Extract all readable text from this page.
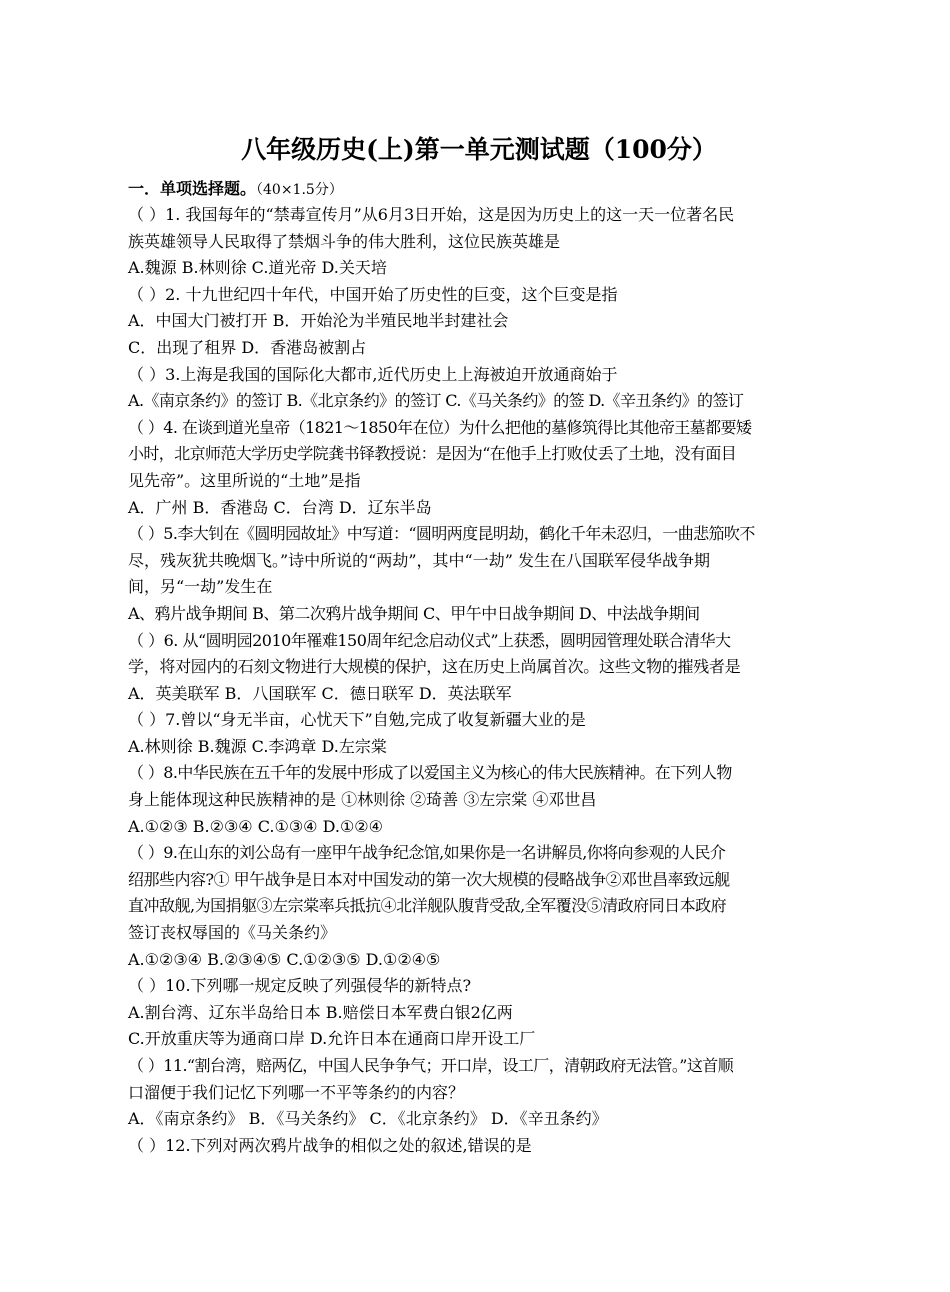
八年级历史(上)第一单元测试题（100分）
一．单项选择题。（40×1.5分）
（ ）1. 我国每年的“禁毒宣传月”从6月3日开始，这是因为历史上的这一天一位著名民
族英雄领导人民取得了禁烟斗争的伟大胜利，这位民族英雄是
A.魏源 B.林则徐 C.道光帝 D.关天培
（ ）2. 十九世纪四十年代，中国开始了历史性的巨变，这个巨变是指
A．中国大门被打开 B．开始沦为半殖民地半封建社会
C．出现了租界 D．香港岛被割占
（ ）3.上海是我国的国际化大都市,近代历史上上海被迫开放通商始于
A.《南京条约》的签订 B.《北京条约》的签订 C.《马关条约》的签 D.《辛丑条约》的签订
（ ）4. 在谈到道光皇帝（1821～1850年在位）为什么把他的墓修筑得比其他帝王墓都要矮
小时，北京师范大学历史学院龚书铎教授说：是因为“在他手上打败仗丢了土地，没有面目
见先帝”。这里所说的“土地”是指
A．广州 B．香港岛 C．台湾 D．辽东半岛
（ ）5.李大钊在《圆明园故址》中写道：“圆明两度昆明劫，鹤化千年未忍归，一曲悲笳吹不
尽，残灰犹共晚烟飞。”诗中所说的“两劫”，其中“一劫” 发生在八国联军侵华战争期
间，另“一劫”发生在
A、鸦片战争期间 B、第二次鸦片战争期间 C、甲午中日战争期间 D、中法战争期间
（ ）6. 从“圆明园2010年罹难150周年纪念启动仪式”上获悉，圆明园管理处联合清华大
学，将对园内的石刻文物进行大规模的保护，这在历史上尚属首次。这些文物的摧残者是
A．英美联军 B．八国联军 C．德日联军 D．英法联军
（ ）7.曾以“身无半亩，心忧天下”自勉,完成了收复新疆大业的是
A.林则徐 B.魏源 C.李鸿章 D.左宗棠
（ ）8.中华民族在五千年的发展中形成了以爱国主义为核心的伟大民族精神。在下列人物
身上能体现这种民族精神的是 ①林则徐 ②琦善 ③左宗棠 ④邓世昌
A.①②③ B.②③④ C.①③④ D.①②④
（ ）9.在山东的刘公岛有一座甲午战争纪念馆,如果你是一名讲解员,你将向参观的人民介
绍那些内容?① 甲午战争是日本对中国发动的第一次大规模的侵略战争②邓世昌率致远舰
直冲敌舰,为国捐躯③左宗棠率兵抵抗④北洋舰队腹背受敌,全军覆没⑤清政府同日本政府
签订丧权辱国的《马关条约》
A.①②③④ B.②③④⑤ C.①②③⑤ D.①②④⑤
（ ）10.下列哪一规定反映了列强侵华的新特点?
A.割台湾、辽东半岛给日本 B.赔偿日本军费白银2亿两
C.开放重庆等为通商口岸 D.允许日本在通商口岸开设工厂
（ ）11.“割台湾，赔两亿，中国人民争争气；开口岸，设工厂，清朝政府无法管。”这首顺
口溜便于我们记忆下列哪一不平等条约的内容？
A．《南京条约》 B．《马关条约》 C．《北京条约》 D．《辛丑条约》
（ ）12.下列对两次鸦片战争的相似之处的叙述,错误的是
